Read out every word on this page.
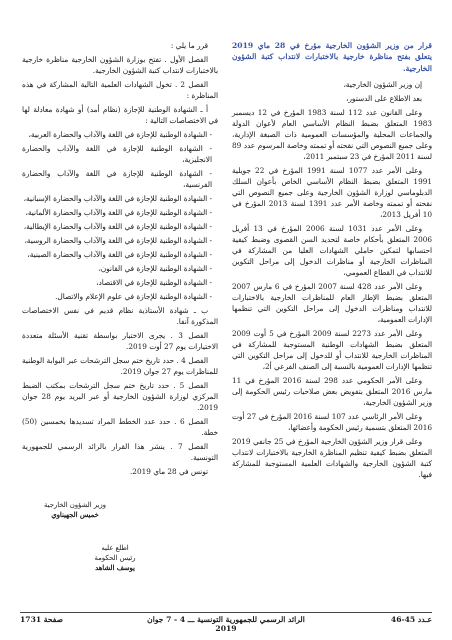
قرار من وزير الشؤون الخارجية مؤرخ في 28 ماي 2019 يتعلق بفتح مناظرة خارجية بالاختبارات لانتداب كتبة الشؤون الخارجية.

إن وزير الشؤون الخارجية،

بعد الاطلاع على الدستور،

وعلى القانون عدد 112 لسنة 1983 المؤرخ في 12 ديسمبر 1983 المتعلق بضبط النظام الأساسي العام لأعوان الدولة والجماعات المحلية والمؤسسات العمومية ذات الصبغة الإدارية، وعلى جميع النصوص التي نقحته أو تممته وخاصة المرسوم عدد 89 لسنة 2011 المؤرخ في 23 سبتمبر 2011،

وعلى الأمر عدد 1077 لسنة 1991 المؤرخ في 22 جويلية 1991 المتعلق بضبط النظام الأساسي الخاص بأعوان السلك الدبلوماسي لوزارة الشؤون الخارجية وعلى جميع النصوص التي نقحته أو تممته وخاصة الأمر عدد 1391 لسنة 2013 المؤرخ في 10 أفريل 2013،

وعلى الأمر عدد 1031 لسنة 2006 المؤرخ في 13 أفريل 2006 المتعلق بأحكام خاصة لتحديد السن القصوى وضبط كيفية احتسابها لتمكين حاملي الشهادات العليا من المشاركة في المناظرات الخارجية أو مناظرات الدخول إلى مراحل التكوين للانتداب في القطاع العمومي،

وعلى الأمر عدد 428 لسنة 2007 المؤرخ في 6 مارس 2007 المتعلق بضبط الإطار العام للمناظرات الخارجية بالاختبارات للانتداب ومناظرات الدخول إلى مراحل التكوين التي تنظمها الإدارات العمومية،

وعلى الأمر عدد 2273 لسنة 2009 المؤرخ في 5 أوت 2009 المتعلق بضبط الشهادات الوطنية المستوجبة للمشاركة في المناظرات الخارجية للانتداب أو للدخول إلى مراحل التكوين التي تنظمها الإدارات العمومية بالنسبة إلى الصنف الفرعي أ2،

وعلى الأمر الحكومي عدد 298 لسنة 2016 المؤرخ في 11 مارس 2016 المتعلق بتفويض بعض صلاحيات رئيس الحكومة إلى وزير الشؤون الخارجية،

وعلى الأمر الرئاسي عدد 107 لسنة 2016 المؤرخ في 27 أوت 2016 المتعلق بتسمية رئيس الحكومة وأعضائها،

وعلى قرار وزير الشؤون الخارجية المؤرخ في 25 جانفي 2019 المتعلق بضبط كيفية تنظيم المناظرة الخارجية بالاختبارات لانتداب كتبة الشؤون الخارجية والشهادات العلمية المستوجبة للمشاركة فيها.

قرر ما يلي :

الفصل الأول . تفتح بوزارة الشؤون الخارجية مناظرة خارجية بالاختبارات لانتداب كتبة الشؤون الخارجية.

الفصل 2 . تخول الشهادات العلمية التالية المشاركة في هذه المناظرة :

أ ـ الشهادة الوطنية للإجازة (نظام أمد) أو شهادة معادلة لها في الاختصاصات التالية :

- الشهادة الوطنية للإجازة في اللغة والآداب والحضارة العربية،

- الشهادة الوطنية للإجازة في اللغة والآداب والحضارة الانجليزية،

- الشهادة الوطنية للإجازة في اللغة والآداب والحضارة الفرنسية،

- الشهادة الوطنية للإجازة في اللغة والآداب والحضارة الإسبانية،

- الشهادة الوطنية للإجازة في اللغة والآداب والحضارة الألمانية،

- الشهادة الوطنية للإجازة في اللغة والآداب والحضارة الإيطالية،

- الشهادة الوطنية للإجازة في اللغة والآداب والحضارة الروسية،

- الشهادة الوطنية للإجازة في اللغة والآداب والحضارة الصينية،

- الشهادة الوطنية للإجازة في القانون،

- الشهادة الوطنية للإجازة في الاقتصاد،

- الشهادة الوطنية للإجازة في علوم الإعلام والاتصال.

ب ـ شهادة الأستاذية نظام قديم في نفس الاختصاصات المذكورة آنفا.

الفصل 3 . يجرى الاختبار بواسطة تقنية الأسئلة متعددة الاختيارات يوم 27 أوت 2019.

الفصل 4 . حدد تاريخ ختم سجل الترشحات عبر البوابة الوطنية للمناظرات يوم 27 جوان 2019.

الفصل 5 . حدد تاريخ ختم سجل الترشحات بمكتب الضبط المركزي لوزارة الشؤون الخارجية أو عبر البريد يوم 28 جوان 2019.

الفصل 6 . حدد عدد الخطط المراد تسديدها بخمسين (50) خطة.

الفصل 7 . ينشر هذا القرار بالرائد الرسمي للجمهورية التونسية.

تونس في 28 ماي 2019.

وزير الشؤون الخارجية
خميس الجهيناوي
اطلع عليه
رئيس الحكومة
يوسف الشاهد
عـدد 45-46
الرائد الرسمي للجمهورية التونسية ـــ 4 - 7 جوان 2019
صفحة 1731
